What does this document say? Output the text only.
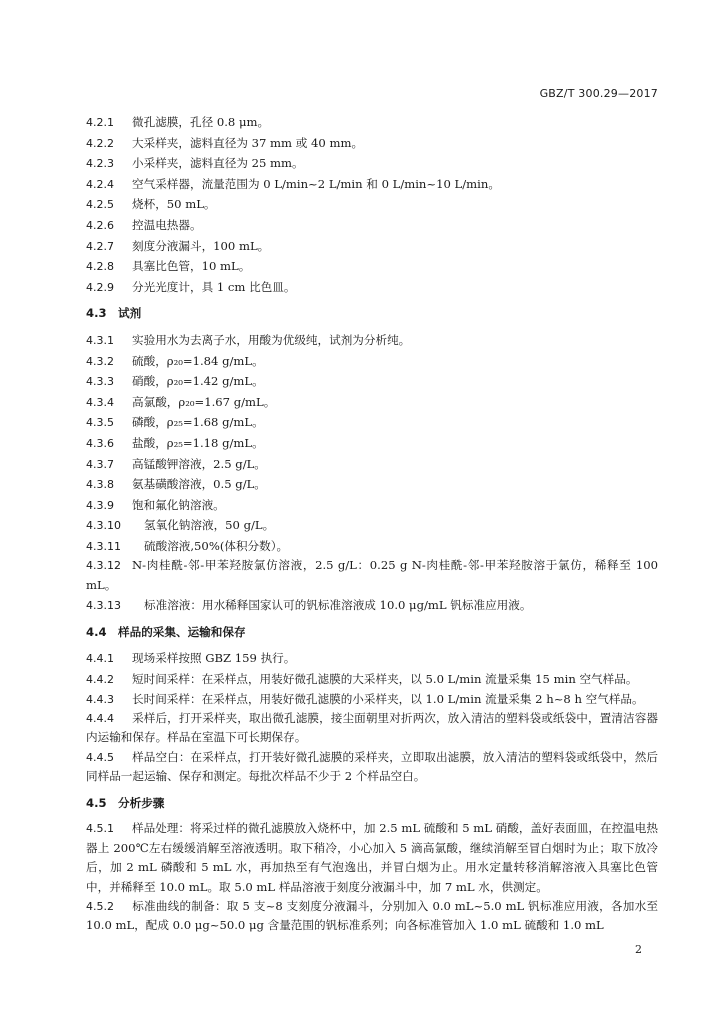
GBZ/T 300.29—2017
4.2.1 微孔滤膜，孔径 0.8 μm。
4.2.2 大采样夹，滤料直径为 37 mm 或 40 mm。
4.2.3 小采样夹，滤料直径为 25 mm。
4.2.4 空气采样器，流量范围为 0 L/min~2 L/min 和 0 L/min~10 L/min。
4.2.5 烧杯，50 mL。
4.2.6 控温电热器。
4.2.7 刻度分液漏斗，100 mL。
4.2.8 具塞比色管，10 mL。
4.2.9 分光光度计，具 1 cm 比色皿。
4.3 试剂
4.3.1 实验用水为去离子水，用酸为优级纯，试剂为分析纯。
4.3.2 硫酸，ρ₂₀=1.84 g/mL。
4.3.3 硝酸，ρ₂₀=1.42 g/mL。
4.3.4 高氯酸，ρ₂₀=1.67 g/mL。
4.3.5 磷酸，ρ₂₅=1.68 g/mL。
4.3.6 盐酸，ρ₂₅=1.18 g/mL。
4.3.7 高锰酸钾溶液，2.5 g/L。
4.3.8 氨基磺酸溶液，0.5 g/L。
4.3.9 饱和氟化钠溶液。
4.3.10 氢氧化钠溶液，50 g/L。
4.3.11 硫酸溶液,50%(体积分数）。
4.3.12 N-肉桂酰-邻-甲苯羟胺氯仿溶液，2.5 g/L：0.25 g N-肉桂酰-邻-甲苯羟胺溶于氯仿，稀释至 100 mL。
4.3.13 标准溶液：用水稀释国家认可的钒标准溶液成 10.0 μg/mL 钒标准应用液。
4.4 样品的采集、运输和保存
4.4.1 现场采样按照 GBZ 159 执行。
4.4.2 短时间采样：在采样点，用装好微孔滤膜的大采样夹，以 5.0 L/min 流量采集 15 min 空气样品。
4.4.3 长时间采样：在采样点，用装好微孔滤膜的小采样夹，以 1.0 L/min 流量采集 2 h~8 h 空气样品。
4.4.4 采样后，打开采样夹，取出微孔滤膜，接尘面朝里对折两次，放入清洁的塑料袋或纸袋中，置清洁容器内运输和保存。样品在室温下可长期保存。
4.4.5 样品空白：在采样点，打开装好微孔滤膜的采样夹，立即取出滤膜，放入清洁的塑料袋或纸袋中，然后同样品一起运输、保存和测定。每批次样品不少于 2 个样品空白。
4.5 分析步骤
4.5.1 样品处理：将采过样的微孔滤膜放入烧杯中，加 2.5 mL 硫酸和 5 mL 硝酸，盖好表面皿，在控温电热器上 200℃左右缓缓消解至溶液透明。取下稍冷，小心加入 5 滴高氯酸，继续消解至冒白烟时为止；取下放冷后，加 2 mL 磷酸和 5 mL 水，再加热至有气泡逸出，并冒白烟为止。用水定量转移消解溶液入具塞比色管中，并稀释至 10.0 mL。取 5.0 mL 样品溶液于刻度分液漏斗中，加 7 mL 水，供测定。
4.5.2 标准曲线的制备：取 5 支~8 支刻度分液漏斗，分别加入 0.0 mL~5.0 mL 钒标准应用液，各加水至 10.0 mL，配成 0.0 μg~50.0 μg 含量范围的钒标准系列；向各标准管加入 1.0 mL 硫酸和 1.0 mL
2
